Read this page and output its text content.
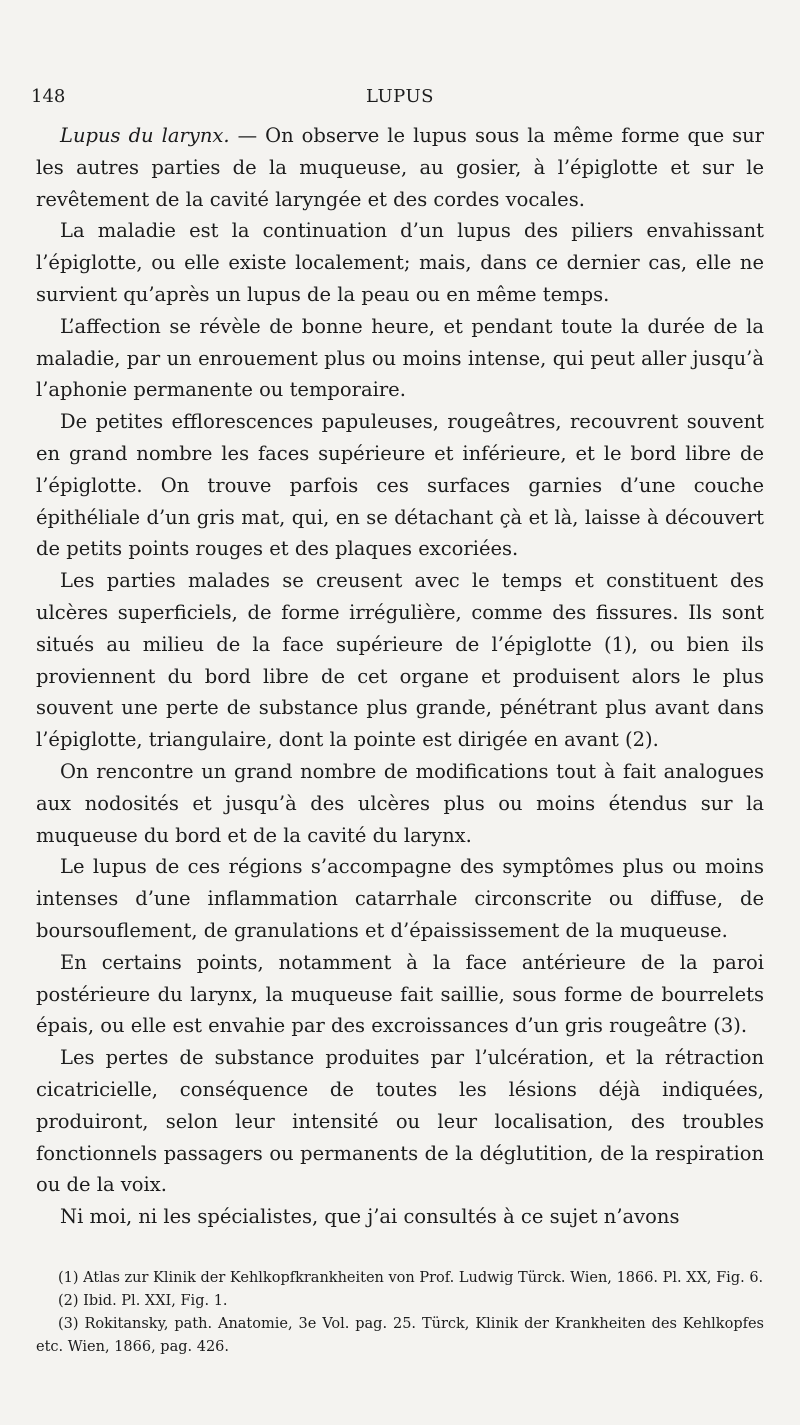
148	LUPUS

Lupus du larynx. — On observe le lupus sous la même forme que sur les autres parties de la muqueuse, au gosier, à l’épiglotte et sur le revêtement de la cavité laryngée et des cordes vocales.

La maladie est la continuation d’un lupus des piliers envahissant l’épiglotte, ou elle existe localement; mais, dans ce dernier cas, elle ne survient qu’après un lupus de la peau ou en même temps.

L’affection se révèle de bonne heure, et pendant toute la durée de la maladie, par un enrouement plus ou moins intense, qui peut aller jusqu’à l’aphonie permanente ou temporaire.

De petites efflorescences papuleuses, rougeâtres, recouvrent souvent en grand nombre les faces supérieure et inférieure, et le bord libre de l’épiglotte. On trouve parfois ces surfaces garnies d’une couche épithéliale d’un gris mat, qui, en se détachant çà et là, laisse à découvert de petits points rouges et des plaques excoriées.

Les parties malades se creusent avec le temps et constituent des ulcères superficiels, de forme irrégulière, comme des fissures. Ils sont situés au milieu de la face supérieure de l’épiglotte (1), ou bien ils proviennent du bord libre de cet organe et produisent alors le plus souvent une perte de substance plus grande, pénétrant plus avant dans l’épiglotte, triangulaire, dont la pointe est dirigée en avant (2).

On rencontre un grand nombre de modifications tout à fait analogues aux nodosités et jusqu’à des ulcères plus ou moins étendus sur la muqueuse du bord et de la cavité du larynx.

Le lupus de ces régions s’accompagne des symptômes plus ou moins intenses d’une inflammation catarrhale circonscrite ou diffuse, de boursouflement, de granulations et d’épaississement de la muqueuse.

En certains points, notamment à la face antérieure de la paroi postérieure du larynx, la muqueuse fait saillie, sous forme de bourrelets épais, ou elle est envahie par des excroissances d’un gris rougeâtre (3).

Les pertes de substance produites par l’ulcération, et la rétraction cicatricielle, conséquence de toutes les lésions déjà indiquées, produiront, selon leur intensité ou leur localisation, des troubles fonctionnels passagers ou permanents de la déglutition, de la respiration ou de la voix.

Ni moi, ni les spécialistes, que j’ai consultés à ce sujet n’avons

(1) Atlas zur Klinik der Kehlkopfkrankheiten von Prof. Ludwig Türck. Wien, 1866. Pl. XX, Fig. 6.

(2) Ibid. Pl. XXI, Fig. 1.

(3) Rokitansky, path. Anatomie, 3e Vol. pag. 25. Türck, Klinik der Krankheiten des Kehlkopfes etc. Wien, 1866, pag. 426.
